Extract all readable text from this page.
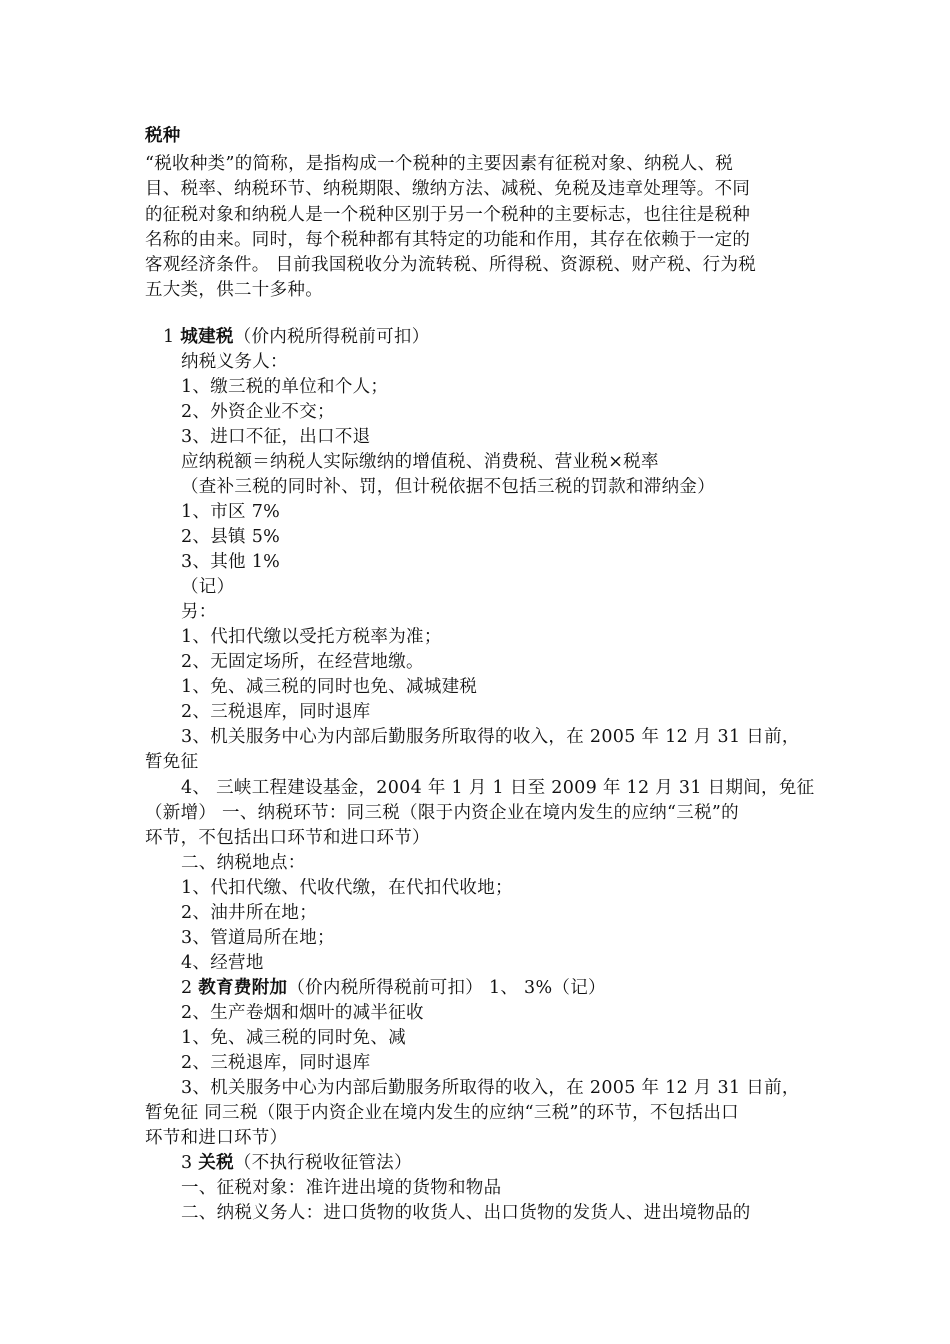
税种
“税收种类”的简称，是指构成一个税种的主要因素有征税对象、纳税人、税
目、税率、纳税环节、纳税期限、缴纳方法、减税、免税及违章处理等。不同
的征税对象和纳税人是一个税种区别于另一个税种的主要标志，也往往是税种
名称的由来。同时，每个税种都有其特定的功能和作用，其存在依赖于一定的
客观经济条件。 目前我国税收分为流转税、所得税、资源税、财产税、行为税
五大类，供二十多种。
1 城建税（价内税所得税前可扣）
纳税义务人：
1、缴三税的单位和个人；
2、外资企业不交；
3、进口不征，出口不退
应纳税额＝纳税人实际缴纳的增值税、消费税、营业税×税率
（查补三税的同时补、罚，但计税依据不包括三税的罚款和滞纳金）
1、市区 7%
2、县镇 5%
3、其他 1%
（记）
另：
1、代扣代缴以受托方税率为准；
2、无固定场所，在经营地缴。
1、免、减三税的同时也免、减城建税
2、三税退库，同时退库
3、机关服务中心为内部后勤服务所取得的收入，在 2005 年 12 月 31 日前，
暂免征
4、 三峡工程建设基金，2004 年 1 月 1 日至 2009 年 12 月 31 日期间，免征
（新增） 一、纳税环节：同三税（限于内资企业在境内发生的应纳“三税”的
环节，不包括出口环节和进口环节）
二、纳税地点：
1、代扣代缴、代收代缴，在代扣代收地；
2、油井所在地；
3、管道局所在地；
4、经营地
2 教育费附加（价内税所得税前可扣） 1、 3%（记）
2、生产卷烟和烟叶的减半征收
1、免、减三税的同时免、减
2、三税退库，同时退库
3、机关服务中心为内部后勤服务所取得的收入，在 2005 年 12 月 31 日前，
暂免征 同三税（限于内资企业在境内发生的应纳“三税”的环节，不包括出口
环节和进口环节）
3 关税（不执行税收征管法）
一、征税对象：准许进出境的货物和物品
二、纳税义务人：进口货物的收货人、出口货物的发货人、进出境物品的
